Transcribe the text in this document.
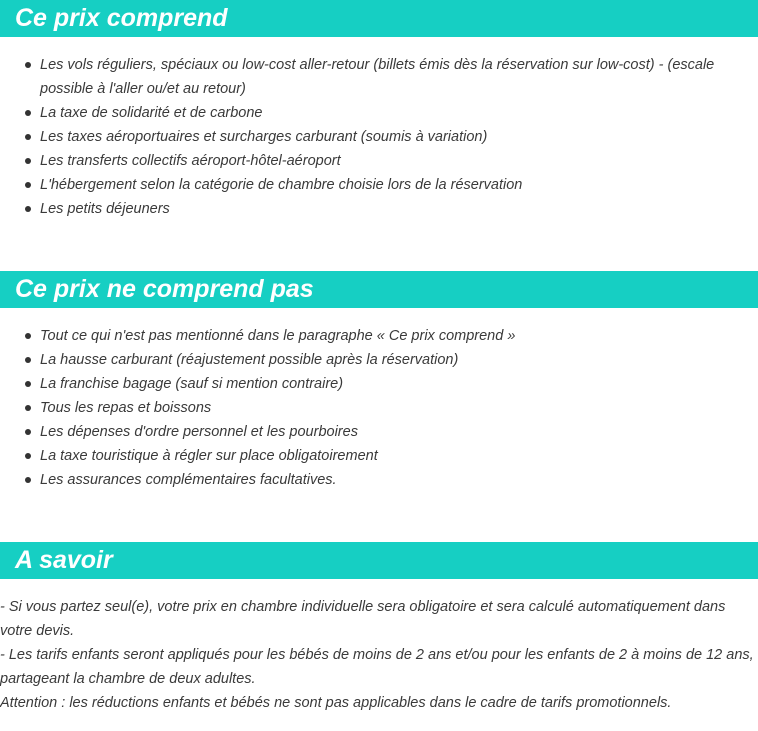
Ce prix comprend
Les vols réguliers, spéciaux ou low-cost aller-retour (billets émis dès la réservation sur low-cost) - (escale possible à l'aller ou/et au retour)
La taxe de solidarité et de carbone
Les taxes aéroportuaires et surcharges carburant (soumis à variation)
Les transferts collectifs aéroport-hôtel-aéroport
L'hébergement selon la catégorie de chambre choisie lors de la réservation
Les petits déjeuners
Ce prix ne comprend pas
Tout ce qui n'est pas mentionné dans le paragraphe « Ce prix comprend »
La hausse carburant (réajustement possible après la réservation)
La franchise bagage (sauf si mention contraire)
Tous les repas et boissons
Les dépenses d'ordre personnel et les pourboires
La taxe touristique à régler sur place obligatoirement
Les assurances complémentaires facultatives.
A savoir

- Si vous partez seul(e), votre prix en chambre individuelle sera obligatoire et sera calculé automatiquement dans votre devis.

- Les tarifs enfants seront appliqués pour les bébés de moins de 2 ans et/ou pour les enfants de 2 à moins de 12 ans, partageant la chambre de deux adultes.

Attention : les réductions enfants et bébés ne sont pas applicables dans le cadre de tarifs promotionnels.
